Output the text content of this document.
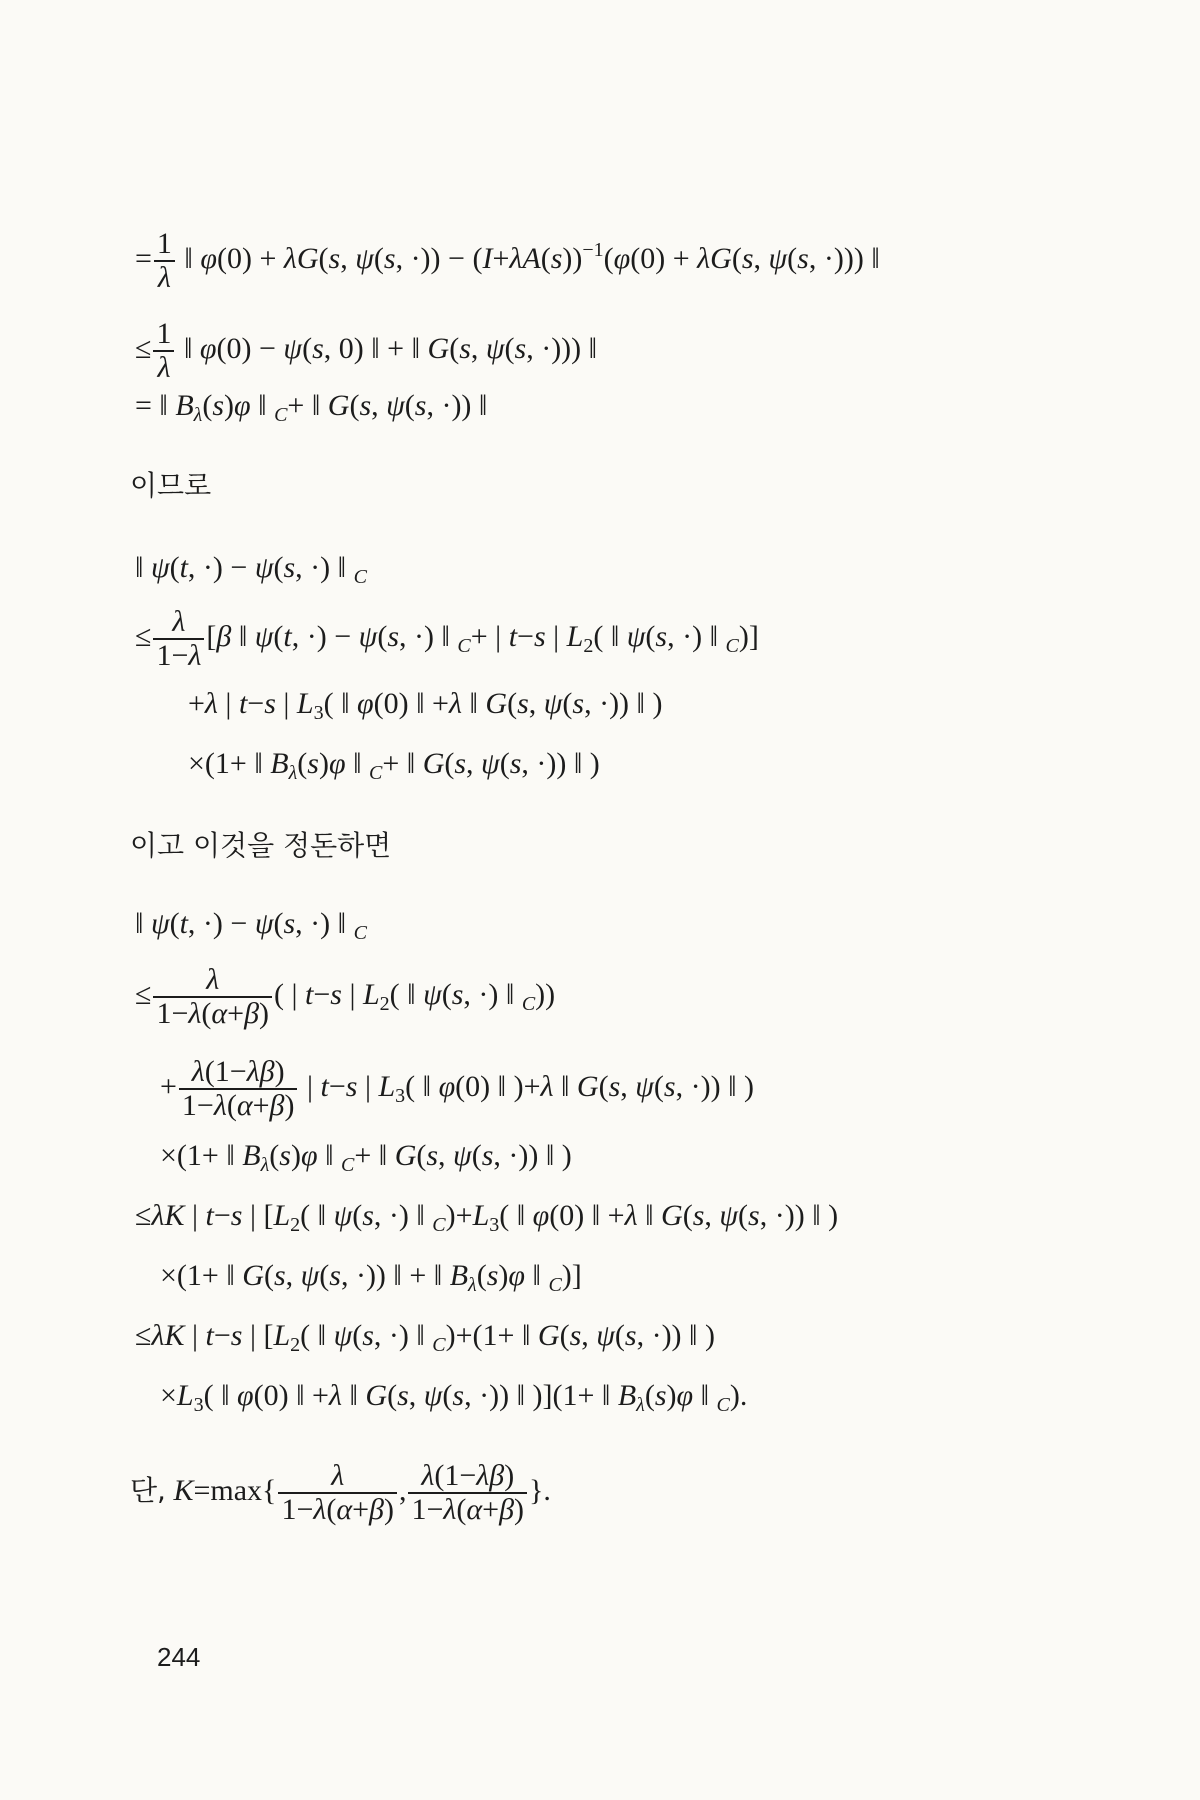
= $\frac{1}{\lambda}$ ‖ φ(0) + λG(s, ψ(s, ·)) − $(I+\lambda A(s))^{-1}(\varphi(0) + \lambda G(s$, ψ(s, ·))) ‖
≤ $\frac{1}{\lambda}$ ‖ φ(0) − ψ(s, 0) ‖ + ‖ G(s, ψ(s, ·))) ‖
= ‖ $B_\lambda(s)\varphi$ ‖ $_C$+ ‖ G(s, ψ(s, ·)) ‖
이므로
‖ ψ(t, ·) − ψ(s, ·) ‖ $_C$
≤ $\frac{\lambda}{1-\lambda} [\beta$ ‖ ψ(t, ·) − ψ(s, ·) ‖ $_C$+ | t−s | $L_2$( ‖ ψ(s, ·) ‖ $_C$)]
+λ | t−s | $L_3$( ‖ φ(0) ‖ +λ ‖ G(s, ψ(s, ·)) ‖ )
×(1+ ‖ $B_\lambda(s)\varphi$ ‖ $_C$+ ‖ G(s, ψ(s, ·)) ‖ )
이고 이것을 정돈하면
‖ ψ(t, ·) − ψ(s, ·) ‖ $_C$
≤ $\frac{\lambda}{1-\lambda(\alpha+\beta)}$ ( | t−s | $L_2$( ‖ ψ(s, ·) ‖ $_C$))
+ $\frac{\lambda(1-\lambda\beta)}{1-\lambda(\alpha+\beta)}$ | t−s | $L_3$( ‖ φ(0) ‖ )+λ ‖ G(s, ψ(s, ·)) ‖ )
×(1+ ‖ $B_\lambda(s)\varphi$ ‖ $_C$+ ‖ G(s, ψ(s, ·)) ‖ )
≤λK | t−s | [$L_2$( ‖ ψ(s, ·) ‖ $_C)+L_3$( ‖ φ(0) ‖ +λ ‖ G(s, ψ(s, ·)) ‖ )
×(1+ ‖ G(s, ψ(s, ·)) ‖ + ‖ $B_\lambda(s)\varphi$ ‖ $_C$)]
≤λK | t−s | [$L_2$( ‖ ψ(s, ·) ‖ $_C$)+(1+ ‖ G(s, ψ(s, ·)) ‖ )
$\times L_3$( ‖ φ(0) ‖ +λ ‖ G(s, ψ(s, ·)) ‖ )](1+ ‖ $B_\lambda(s)\varphi$ ‖ $_C$).
단, $K=\max\{ \frac{\lambda}{1-\lambda(\alpha+\beta)}$ , $\frac{\lambda(1-\lambda\beta)}{1-\lambda(\alpha+\beta)}$ }.
244
